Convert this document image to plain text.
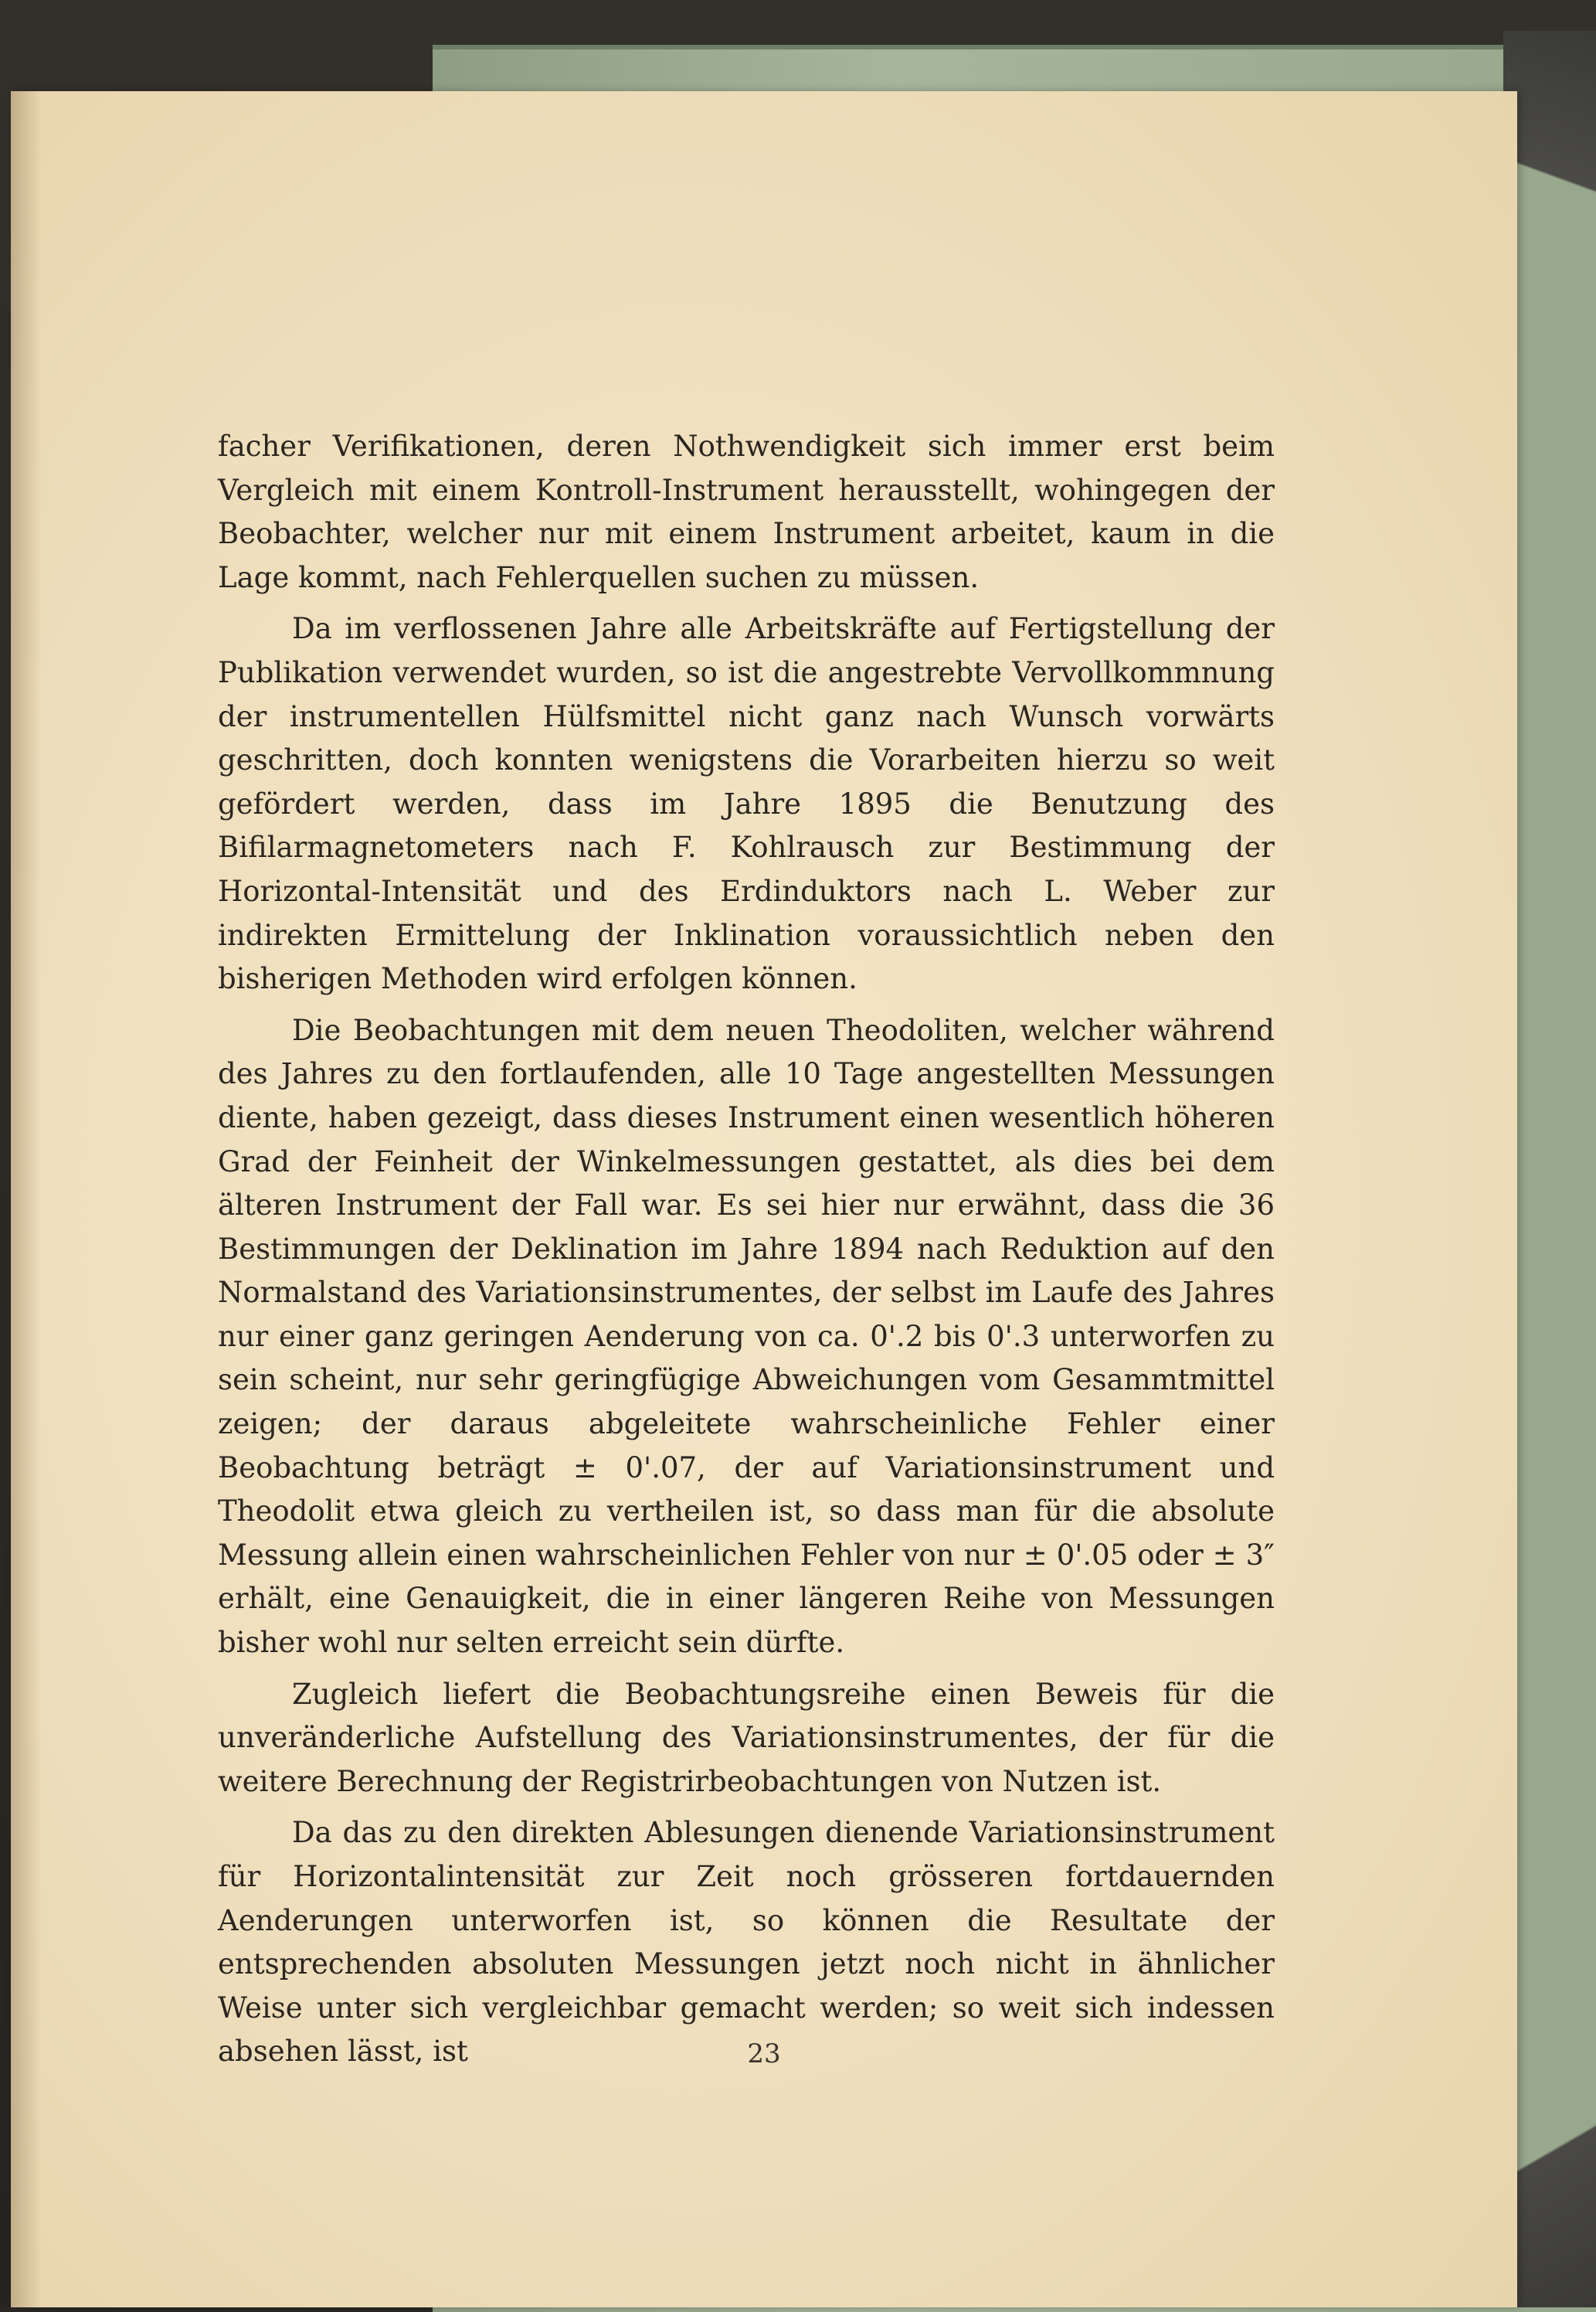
facher Verifikationen, deren Nothwendigkeit sich immer erst beim Vergleich mit einem Kontroll-Instrument herausstellt, wohingegen der Beobachter, welcher nur mit einem Instrument arbeitet, kaum in die Lage kommt, nach Fehlerquellen suchen zu müssen.

Da im verflossenen Jahre alle Arbeitskräfte auf Fertigstellung der Publikation verwendet wurden, so ist die angestrebte Vervollkommnung der instrumentellen Hülfsmittel nicht ganz nach Wunsch vorwärts geschritten, doch konnten wenigstens die Vorarbeiten hierzu so weit gefördert werden, dass im Jahre 1895 die Benutzung des Bifilarmagnetometers nach F. Kohlrausch zur Bestimmung der Horizontal-Intensität und des Erdinduktors nach L. Weber zur indirekten Ermittelung der Inklination voraussichtlich neben den bisherigen Methoden wird erfolgen können.

Die Beobachtungen mit dem neuen Theodoliten, welcher während des Jahres zu den fortlaufenden, alle 10 Tage angestellten Messungen diente, haben gezeigt, dass dieses Instrument einen wesentlich höheren Grad der Feinheit der Winkelmessungen gestattet, als dies bei dem älteren Instrument der Fall war. Es sei hier nur erwähnt, dass die 36 Bestimmungen der Deklination im Jahre 1894 nach Reduktion auf den Normalstand des Variationsinstrumentes, der selbst im Laufe des Jahres nur einer ganz geringen Aenderung von ca. 0'.2 bis 0'.3 unterworfen zu sein scheint, nur sehr geringfügige Abweichungen vom Gesammtmittel zeigen; der daraus abgeleitete wahrscheinliche Fehler einer Beobachtung beträgt ± 0'.07, der auf Variationsinstrument und Theodolit etwa gleich zu vertheilen ist, so dass man für die absolute Messung allein einen wahrscheinlichen Fehler von nur ± 0'.05 oder ± 3″ erhält, eine Genauigkeit, die in einer längeren Reihe von Messungen bisher wohl nur selten erreicht sein dürfte.

Zugleich liefert die Beobachtungsreihe einen Beweis für die unveränderliche Aufstellung des Variationsinstrumentes, der für die weitere Berechnung der Registrirbeobachtungen von Nutzen ist.

Da das zu den direkten Ablesungen dienende Variationsinstrument für Horizontalintensität zur Zeit noch grösseren fortdauernden Aenderungen unterworfen ist, so können die Resultate der entsprechenden absoluten Messungen jetzt noch nicht in ähnlicher Weise unter sich vergleichbar gemacht werden; so weit sich indessen absehen lässt, ist	23
